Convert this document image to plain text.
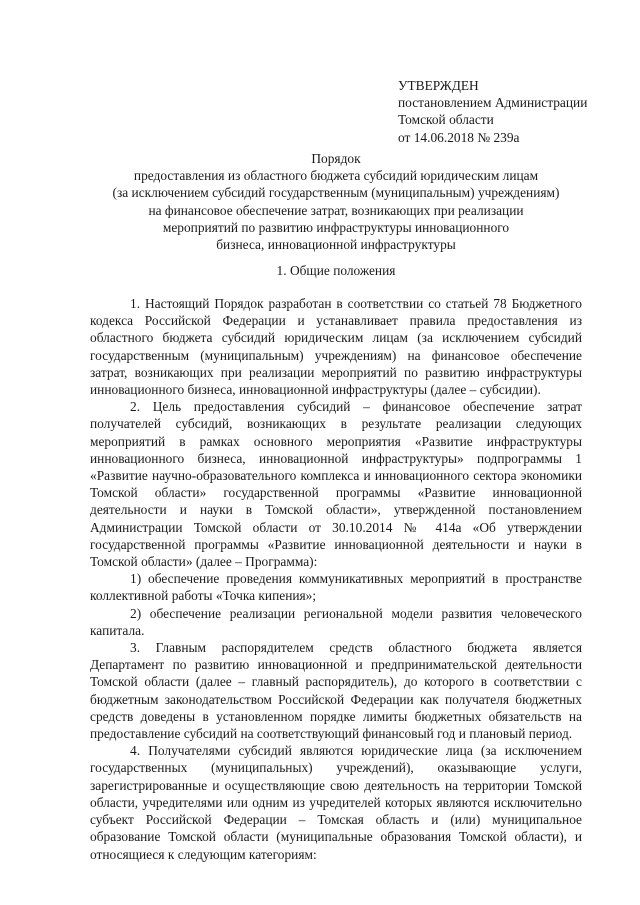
УТВЕРЖДЕН
постановлением Администрации
Томской области
от 14.06.2018 № 239а
Порядок
предоставления из областного бюджета субсидий юридическим лицам
(за исключением субсидий государственным (муниципальным) учреждениям)
на финансовое обеспечение затрат, возникающих при реализации
мероприятий по развитию инфраструктуры инновационного
бизнеса, инновационной инфраструктуры
1. Общие положения

1. Настоящий Порядок разработан в соответствии со статьей 78 Бюджетного кодекса Российской Федерации и устанавливает правила предоставления из областного бюджета субсидий юридическим лицам (за исключением субсидий государственным (муниципальным) учреждениям) на финансовое обеспечение затрат, возникающих при реализации мероприятий по развитию инфраструктуры инновационного бизнеса, инновационной инфраструктуры (далее – субсидии).

2. Цель предоставления субсидий – финансовое обеспечение затрат получателей субсидий, возникающих в результате реализации следующих мероприятий в рамках основного мероприятия «Развитие инфраструктуры инновационного бизнеса, инновационной инфраструктуры» подпрограммы 1 «Развитие научно-образовательного комплекса и инновационного сектора экономики Томской области» государственной программы «Развитие инновационной деятельности и науки в Томской области», утвержденной постановлением Администрации Томской области от 30.10.2014 № 414а «Об утверждении государственной программы «Развитие инновационной деятельности и науки в Томской области» (далее – Программа):

1) обеспечение проведения коммуникативных мероприятий в пространстве коллективной работы «Точка кипения»;

2) обеспечение реализации региональной модели развития человеческого капитала.

3. Главным распорядителем средств областного бюджета является Департамент по развитию инновационной и предпринимательской деятельности Томской области (далее – главный распорядитель), до которого в соответствии с бюджетным законодательством Российской Федерации как получателя бюджетных средств доведены в установленном порядке лимиты бюджетных обязательств на предоставление субсидий на соответствующий финансовый год и плановый период.

4. Получателями субсидий являются юридические лица (за исключением государственных (муниципальных) учреждений), оказывающие услуги, зарегистрированные и осуществляющие свою деятельность на территории Томской области, учредителями или одним из учредителей которых являются исключительно субъект Российской Федерации – Томская область и (или) муниципальное образование Томской области (муниципальные образования Томской области), и относящиеся к следующим категориям:
